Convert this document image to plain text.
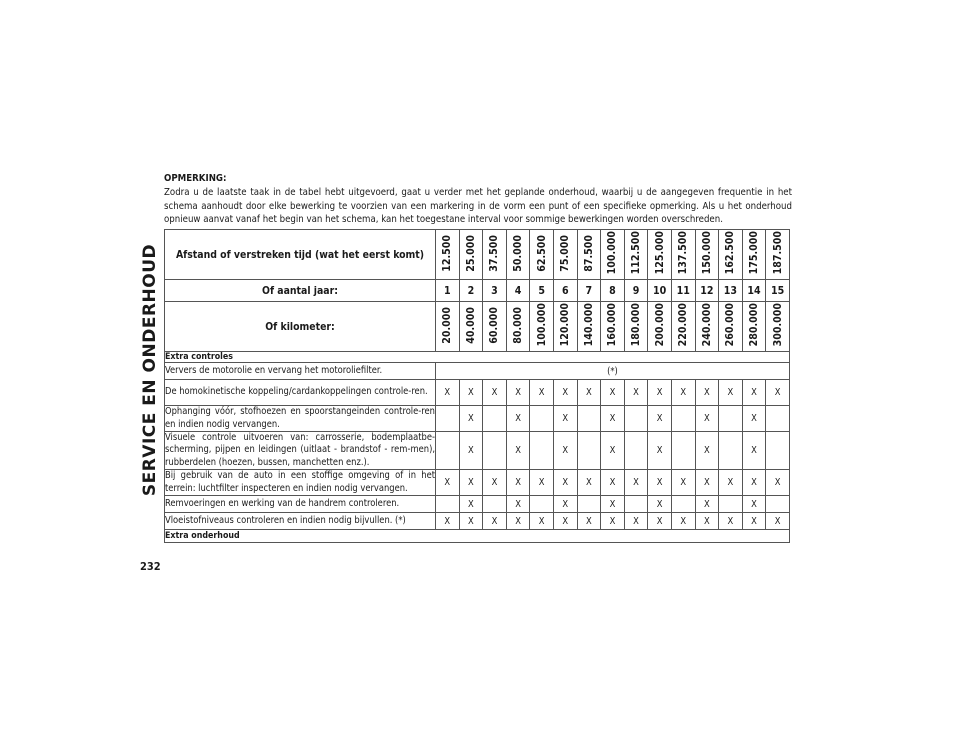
SERVICE EN ONDERHOUD
232
OPMERKING:
Zodra u de laatste taak in de tabel hebt uitgevoerd, gaat u verder met het geplande onderhoud, waarbij u de aangegeven frequentie in het schema aanhoudt door elke bewerking te voorzien van een markering in de vorm een punt of een specifieke opmerking. Als u het onderhoud opnieuw aanvat vanaf het begin van het schema, kan het toegestane interval voor sommige bewerkingen worden overschreden.
Afstand of verstreken tijd (wat het eerst komt)	12.500	25.000	37.500	50.000	62.500	75.000	87.500	100.000	112.500	125.000	137.500	150.000	162.500	175.000	187.500
Of aantal jaar:	1	2	3	4	5	6	7	8	9	10	11	12	13	14	15
Of kilometer:	20.000	40.000	60.000	80.000	100.000	120.000	140.000	160.000	180.000	200.000	220.000	240.000	260.000	280.000	300.000
Extra controles															
Ververs de motorolie en vervang het motoroliefilter.	(*)														
De homokinetische koppeling/cardankoppelingen controle-ren.	X	X	X	X	X	X	X	X	X	X	X	X	X	X	X
Ophanging vóór, stofhoezen en spoorstangeinden controle-ren en indien nodig vervangen.		X		X		X		X		X		X		X	
Visuele controle uitvoeren van: carrosserie, bodemplaatbe-scherming, pijpen en leidingen (uitlaat - brandstof - rem-men), rubberdelen (hoezen, bussen, manchetten enz.).		X		X		X		X		X		X		X	
Bij gebruik van de auto in een stoffige omgeving of in het terrein: luchtfilter inspecteren en indien nodig vervangen.	X	X	X	X	X	X	X	X	X	X	X	X	X	X	X
Remvoeringen en werking van de handrem controleren.		X		X		X		X		X		X		X	
Vloeistofniveaus controleren en indien nodig bijvullen. (*)	X	X	X	X	X	X	X	X	X	X	X	X	X	X	X
Extra onderhoud															
